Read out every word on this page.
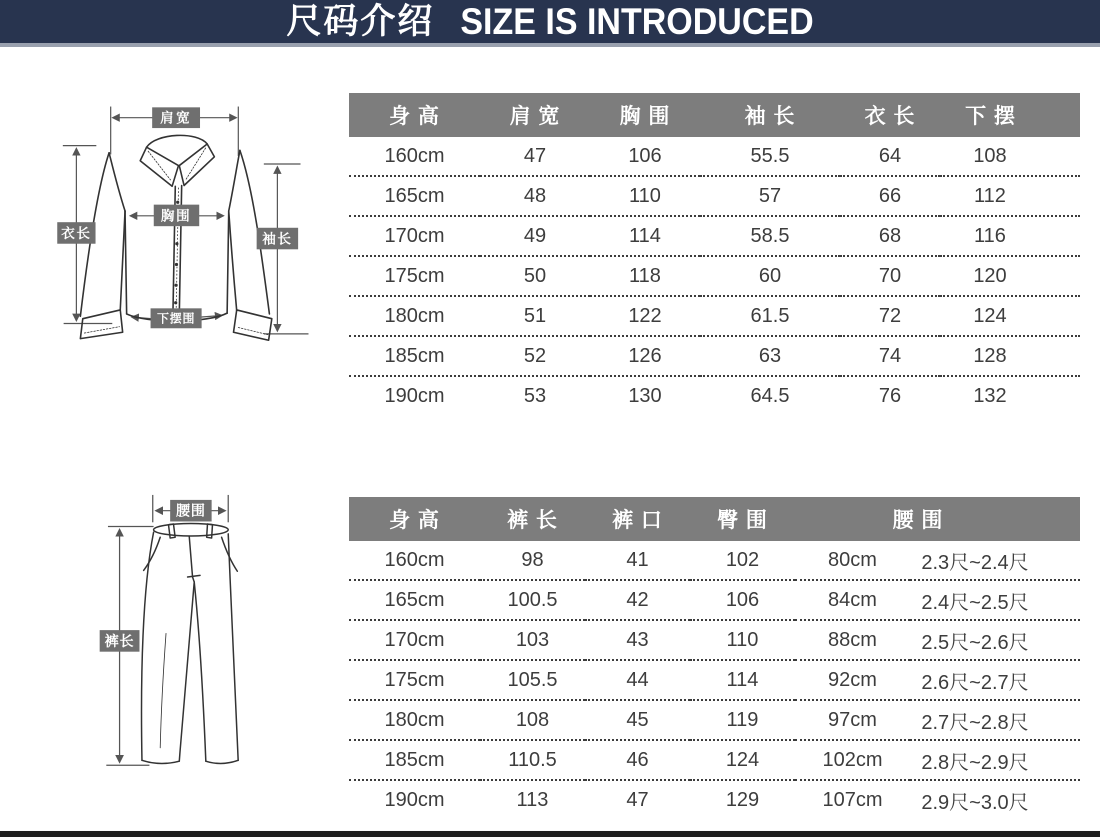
尺码介绍 SIZE IS INTRODUCED
肩宽
衣长	袖长
胸围
下摆围
腰围
裤长
身 高	肩 宽	胸 围	袖 长	衣 长	下 摆
160cm	47	106	55.5	64	108
165cm	48	110	57	66	112
170cm	49	114	58.5	68	116
175cm	50	118	60	70	120
180cm	51	122	61.5	72	124
185cm	52	126	63	74	128
190cm	53	130	64.5	76	132
身 高	裤 长	裤 口	臀 围	腰 围	
160cm	98	41	102	80cm	2.3尺~2.4尺
165cm	100.5	42	106	84cm	2.4尺~2.5尺
170cm	103	43	110	88cm	2.5尺~2.6尺
175cm	105.5	44	114	92cm	2.6尺~2.7尺
180cm	108	45	119	97cm	2.7尺~2.8尺
185cm	110.5	46	124	102cm	2.8尺~2.9尺
190cm	113	47	129	107cm	2.9尺~3.0尺
